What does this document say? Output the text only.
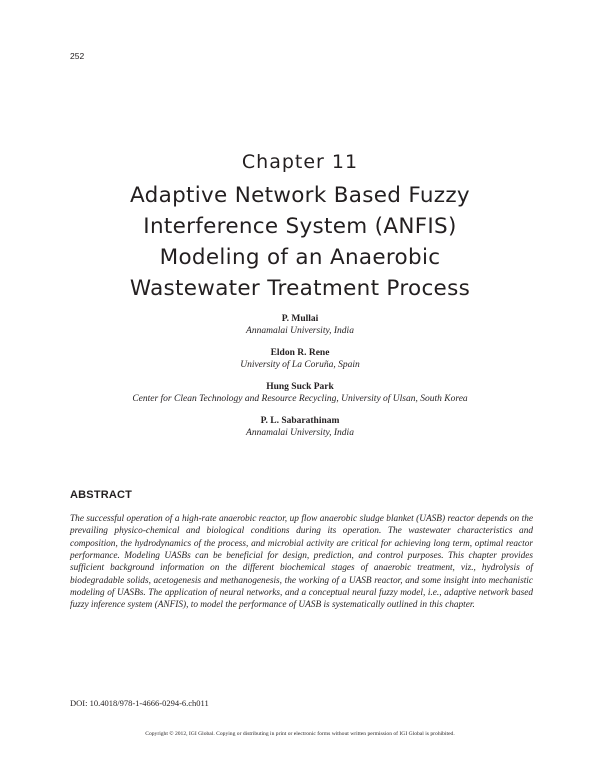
252
Chapter 11
Adaptive Network Based Fuzzy
Interference System (ANFIS)
Modeling of an Anaerobic
Wastewater Treatment Process
P. Mullai
Annamalai University, India
Eldon R. Rene
University of La Coruña, Spain
Hung Suck Park
Center for Clean Technology and Resource Recycling, University of Ulsan, South Korea
P. L. Sabarathinam
Annamalai University, India
ABSTRACT

The successful operation of a high-rate anaerobic reactor, up flow anaerobic sludge blanket (UASB) reactor depends on the prevailing physico-chemical and biological conditions during its operation. The wastewater characteristics and composition, the hydrodynamics of the process, and microbial activity are critical for achieving long term, optimal reactor performance. Modeling UASBs can be beneficial for design, prediction, and control purposes. This chapter provides sufficient background information on the different biochemical stages of anaerobic treatment, viz., hydrolysis of biodegradable solids, acetogenesis and methanogenesis, the working of a UASB reactor, and some insight into mechanistic modeling of UASBs. The application of neural networks, and a conceptual neural fuzzy model, i.e., adaptive network based fuzzy inference system (ANFIS), to model the performance of UASB is systematically outlined in this chapter.

DOI: 10.4018/978-1-4666-0294-6.ch011
Copyright © 2012, IGI Global. Copying or distributing in print or electronic forms without written permission of IGI Global is prohibited.
